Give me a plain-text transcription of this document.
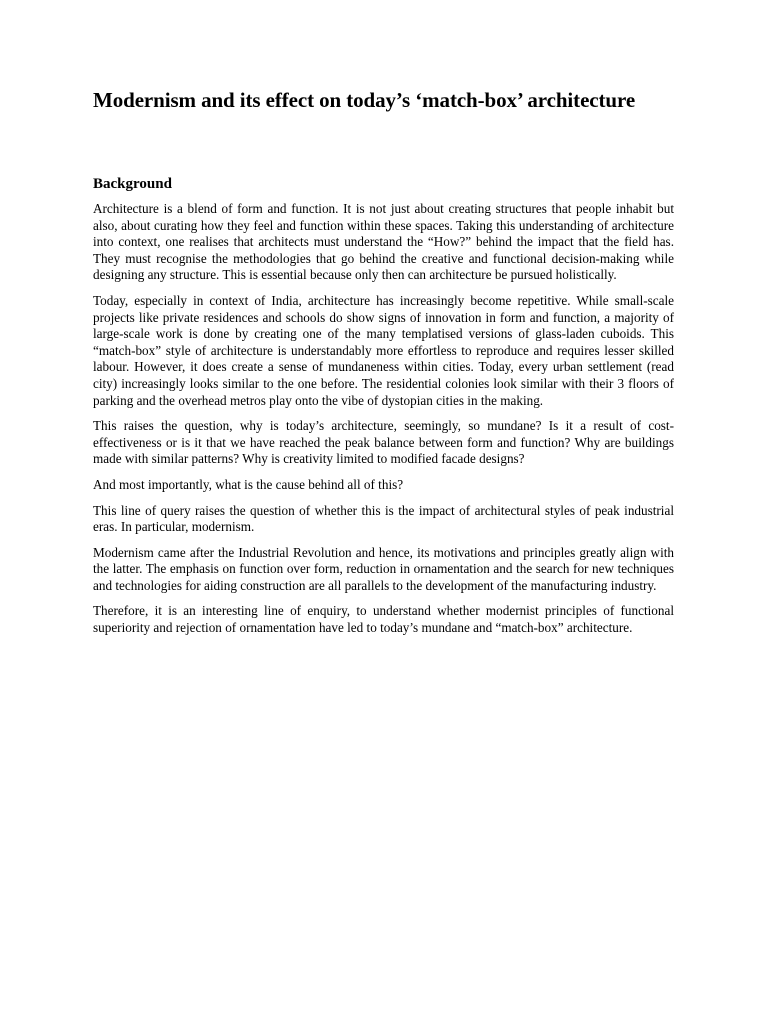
Modernism and its effect on today’s ‘match-box’ architecture
Background

Architecture is a blend of form and function. It is not just about creating structures that people inhabit but also, about curating how they feel and function within these spaces. Taking this understanding of architecture into context, one realises that architects must understand the “How?” behind the impact that the field has. They must recognise the methodologies that go behind the creative and functional decision-making while designing any structure. This is essential because only then can architecture be pursued holistically.

Today, especially in context of India, architecture has increasingly become repetitive. While small-scale projects like private residences and schools do show signs of innovation in form and function, a majority of large-scale work is done by creating one of the many templatised versions of glass-laden cuboids. This “match-box” style of architecture is understandably more effortless to reproduce and requires lesser skilled labour. However, it does create a sense of mundaneness within cities. Today, every urban settlement (read city) increasingly looks similar to the one before. The residential colonies look similar with their 3 floors of parking and the overhead metros play onto the vibe of dystopian cities in the making.

This raises the question, why is today’s architecture, seemingly, so mundane? Is it a result of cost-effectiveness or is it that we have reached the peak balance between form and function? Why are buildings made with similar patterns? Why is creativity limited to modified facade designs?

And most importantly, what is the cause behind all of this?

This line of query raises the question of whether this is the impact of architectural styles of peak industrial eras. In particular, modernism.

Modernism came after the Industrial Revolution and hence, its motivations and principles greatly align with the latter. The emphasis on function over form, reduction in ornamentation and the search for new techniques and technologies for aiding construction are all parallels to the development of the manufacturing industry.

Therefore, it is an interesting line of enquiry, to understand whether modernist principles of functional superiority and rejection of ornamentation have led to today’s mundane and “match-box” architecture.
